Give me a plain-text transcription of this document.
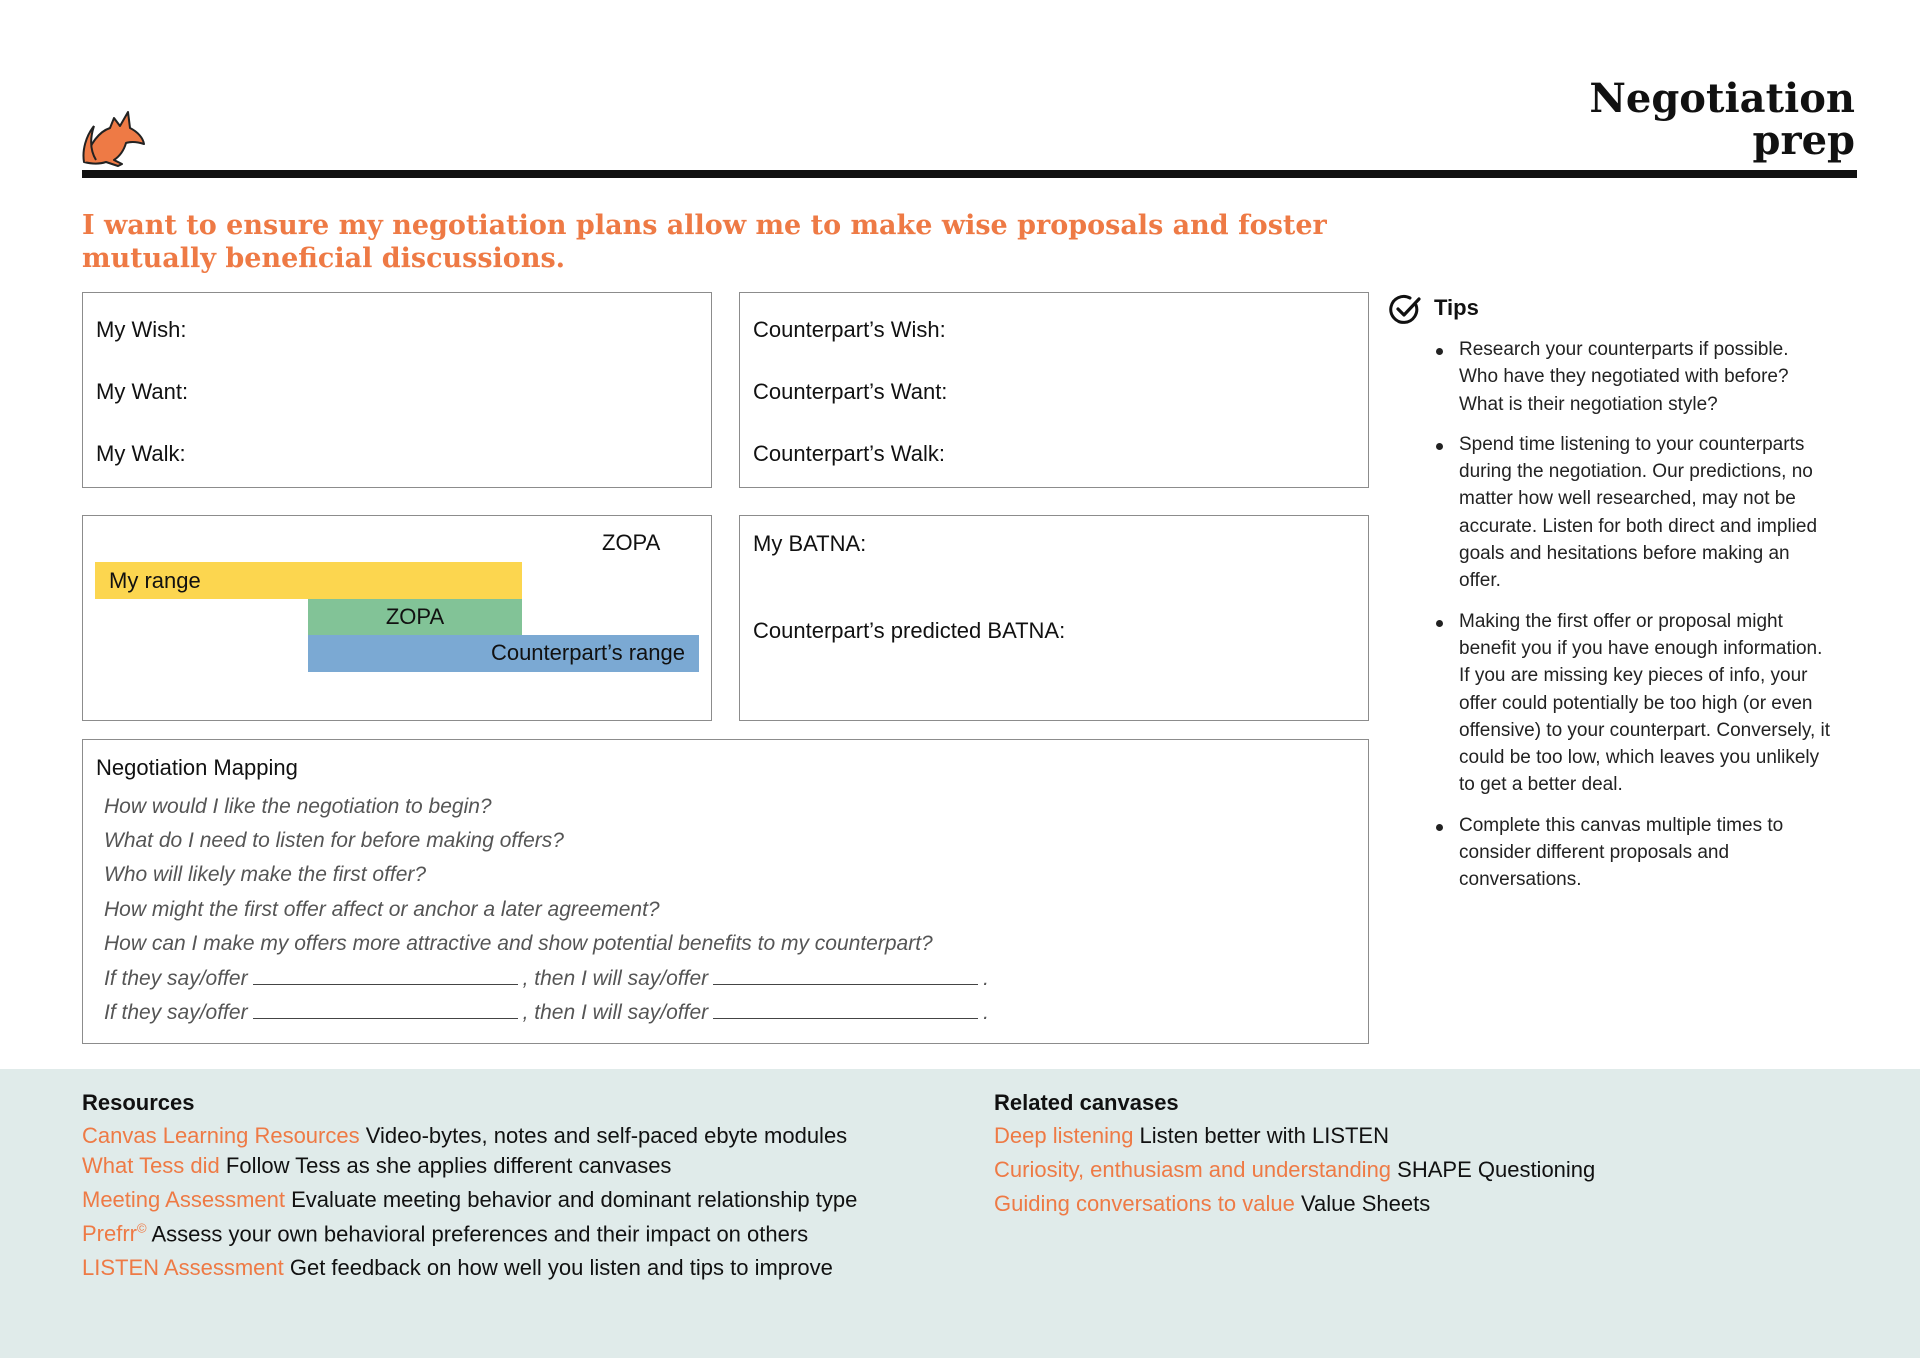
Negotiation
prep
I want to ensure my negotiation plans allow me to make wise proposals and foster mutually beneficial discussions.
My Wish:
My Want:
My Walk:
Counterpart’s Wish:
Counterpart’s Want:
Counterpart’s Walk:
ZOPA
My range
ZOPA
Counterpart’s range
My BATNA:
Counterpart’s predicted BATNA:
Negotiation Mapping
How would I like the negotiation to begin?
What do I need to listen for before making offers?
Who will likely make the first offer?
How might the first offer affect or anchor a later agreement?
How can I make my offers more attractive and show potential benefits to my counterpart?
If they say/offer	, then I will say/offer	.
If they say/offer	, then I will say/offer	.
Tips
Research your counterparts if possible. Who have they negotiated with before? What is their negotiation style?
Spend time listening to your counterparts during the negotiation. Our predictions, no matter how well researched, may not be accurate. Listen for both direct and implied goals and hesitations before making an offer.
Making the first offer or proposal might benefit you if you have enough information. If you are missing key pieces of info, your offer could potentially be too high (or even offensive) to your counterpart. Conversely, it could be too low, which leaves you unlikely to get a better deal.
Complete this canvas multiple times to consider different proposals and conversations.
Resources
Canvas Learning Resources Video-bytes, notes and self-paced ebyte modules
What Tess did Follow Tess as she applies different canvases
Meeting Assessment Evaluate meeting behavior and dominant relationship type
Prefrr© Assess your own behavioral preferences and their impact on others
LISTEN Assessment Get feedback on how well you listen and tips to improve
Related canvases
Deep listening Listen better with LISTEN
Curiosity, enthusiasm and understanding SHAPE Questioning
Guiding conversations to value Value Sheets
